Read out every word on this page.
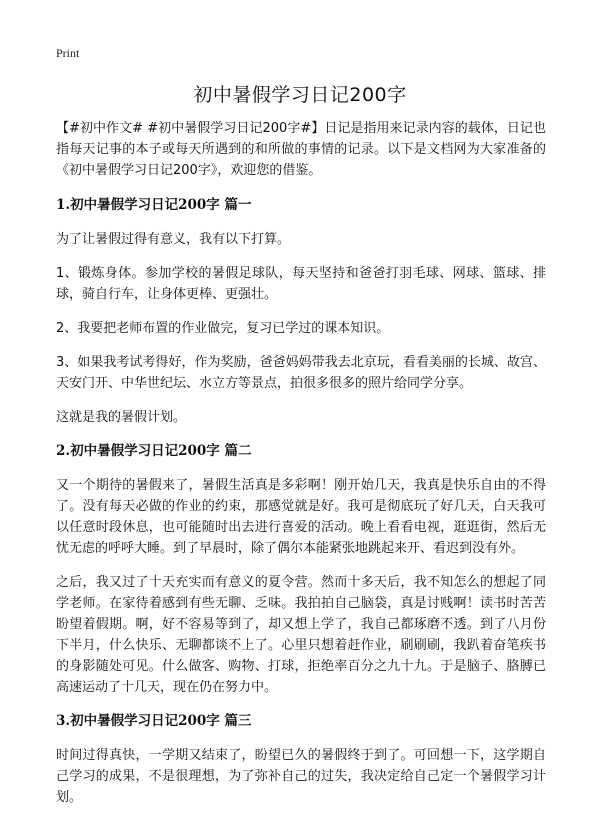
Print
初中暑假学习日记200字

【#初中作文# #初中暑假学习日记200字#】日记是指用来记录内容的载体，日记也指每天记事的本子或每天所遇到的和所做的事情的记录。以下是文档网为大家准备的《初中暑假学习日记200字》，欢迎您的借鉴。

1.初中暑假学习日记200字 篇一

为了让暑假过得有意义，我有以下打算。

1、锻炼身体。参加学校的暑假足球队，每天坚持和爸爸打羽毛球、网球、篮球、排球，骑自行车，让身体更棒、更强壮。

2、我要把老师布置的作业做完，复习已学过的课本知识。

3、如果我考试考得好，作为奖励，爸爸妈妈带我去北京玩，看看美丽的长城、故宫、天安门开、中华世纪坛、水立方等景点，拍很多很多的照片给同学分享。

这就是我的暑假计划。

2.初中暑假学习日记200字 篇二

又一个期待的暑假来了，暑假生活真是多彩啊！刚开始几天，我真是快乐自由的不得了。没有每天必做的作业的约束，那感觉就是好。我可是彻底玩了好几天，白天我可以任意时段休息，也可能随时出去进行喜爱的活动。晚上看看电视，逛逛街，然后无忧无虑的呼呼大睡。到了早晨时，除了偶尔本能紧张地跳起来开、看迟到没有外。

之后，我又过了十天充实而有意义的夏令营。然而十多天后，我不知怎么的想起了同学老师。在家待着感到有些无聊、乏味。我拍拍自己脑袋，真是讨贱啊！读书时苦苦盼望着假期。啊，好不容易等到了，却又想上学了，我自己都琢磨不透。到了八月份下半月，什么快乐、无聊都谈不上了。心里只想着赶作业，刷刷刷，我趴着奋笔疾书的身影随处可见。什么做客、购物、打球，拒绝率百分之九十九。于是脑子、胳膊已高速运动了十几天，现在仍在努力中。

3.初中暑假学习日记200字 篇三

时间过得真快，一学期又结束了，盼望已久的暑假终于到了。可回想一下，这学期自己学习的成果，不是很理想，为了弥补自己的过失，我决定给自己定一个暑假学习计划。
